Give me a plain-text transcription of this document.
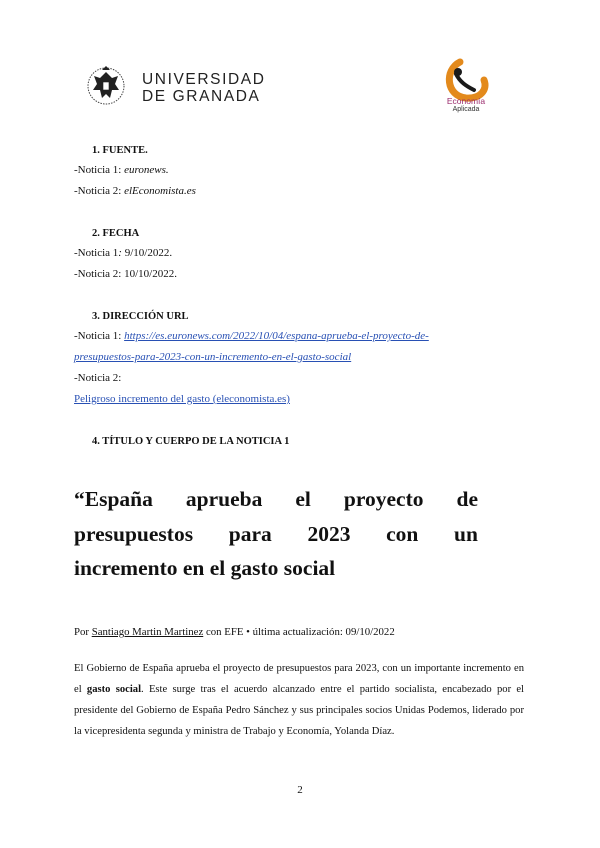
UNIVERSIDAD
DE GRANADA	Economía
Aplicada
1. FUENTE.
-Noticia 1: euronews.
-Noticia 2: elEconomista.es
2. FECHA
-Noticia 1: 9/10/2022.
-Noticia 2: 10/10/2022.
3. DIRECCIÓN URL
-Noticia 1: https://es.euronews.com/2022/10/04/espana-aprueba-el-proyecto-de-
presupuestos-para-2023-con-un-incremento-en-el-gasto-social
-Noticia 2:
Peligroso incremento del gasto (eleconomista.es)
4. TÍTULO Y CUERPO DE LA NOTICIA 1
“España aprueba el proyecto de
presupuestos para 2023 con un
incremento en el gasto social
Por Santiago Martin Martinez con EFE • última actualización: 09/10/2022
El Gobierno de España aprueba el proyecto de presupuestos para 2023, con un importante incremento en el gasto social. Este surge tras el acuerdo alcanzado entre el partido socialista, encabezado por el presidente del Gobierno de España Pedro Sánchez y sus principales socios Unidas Podemos, liderado por la vicepresidenta segunda y ministra de Trabajo y Economía, Yolanda Díaz.
2
